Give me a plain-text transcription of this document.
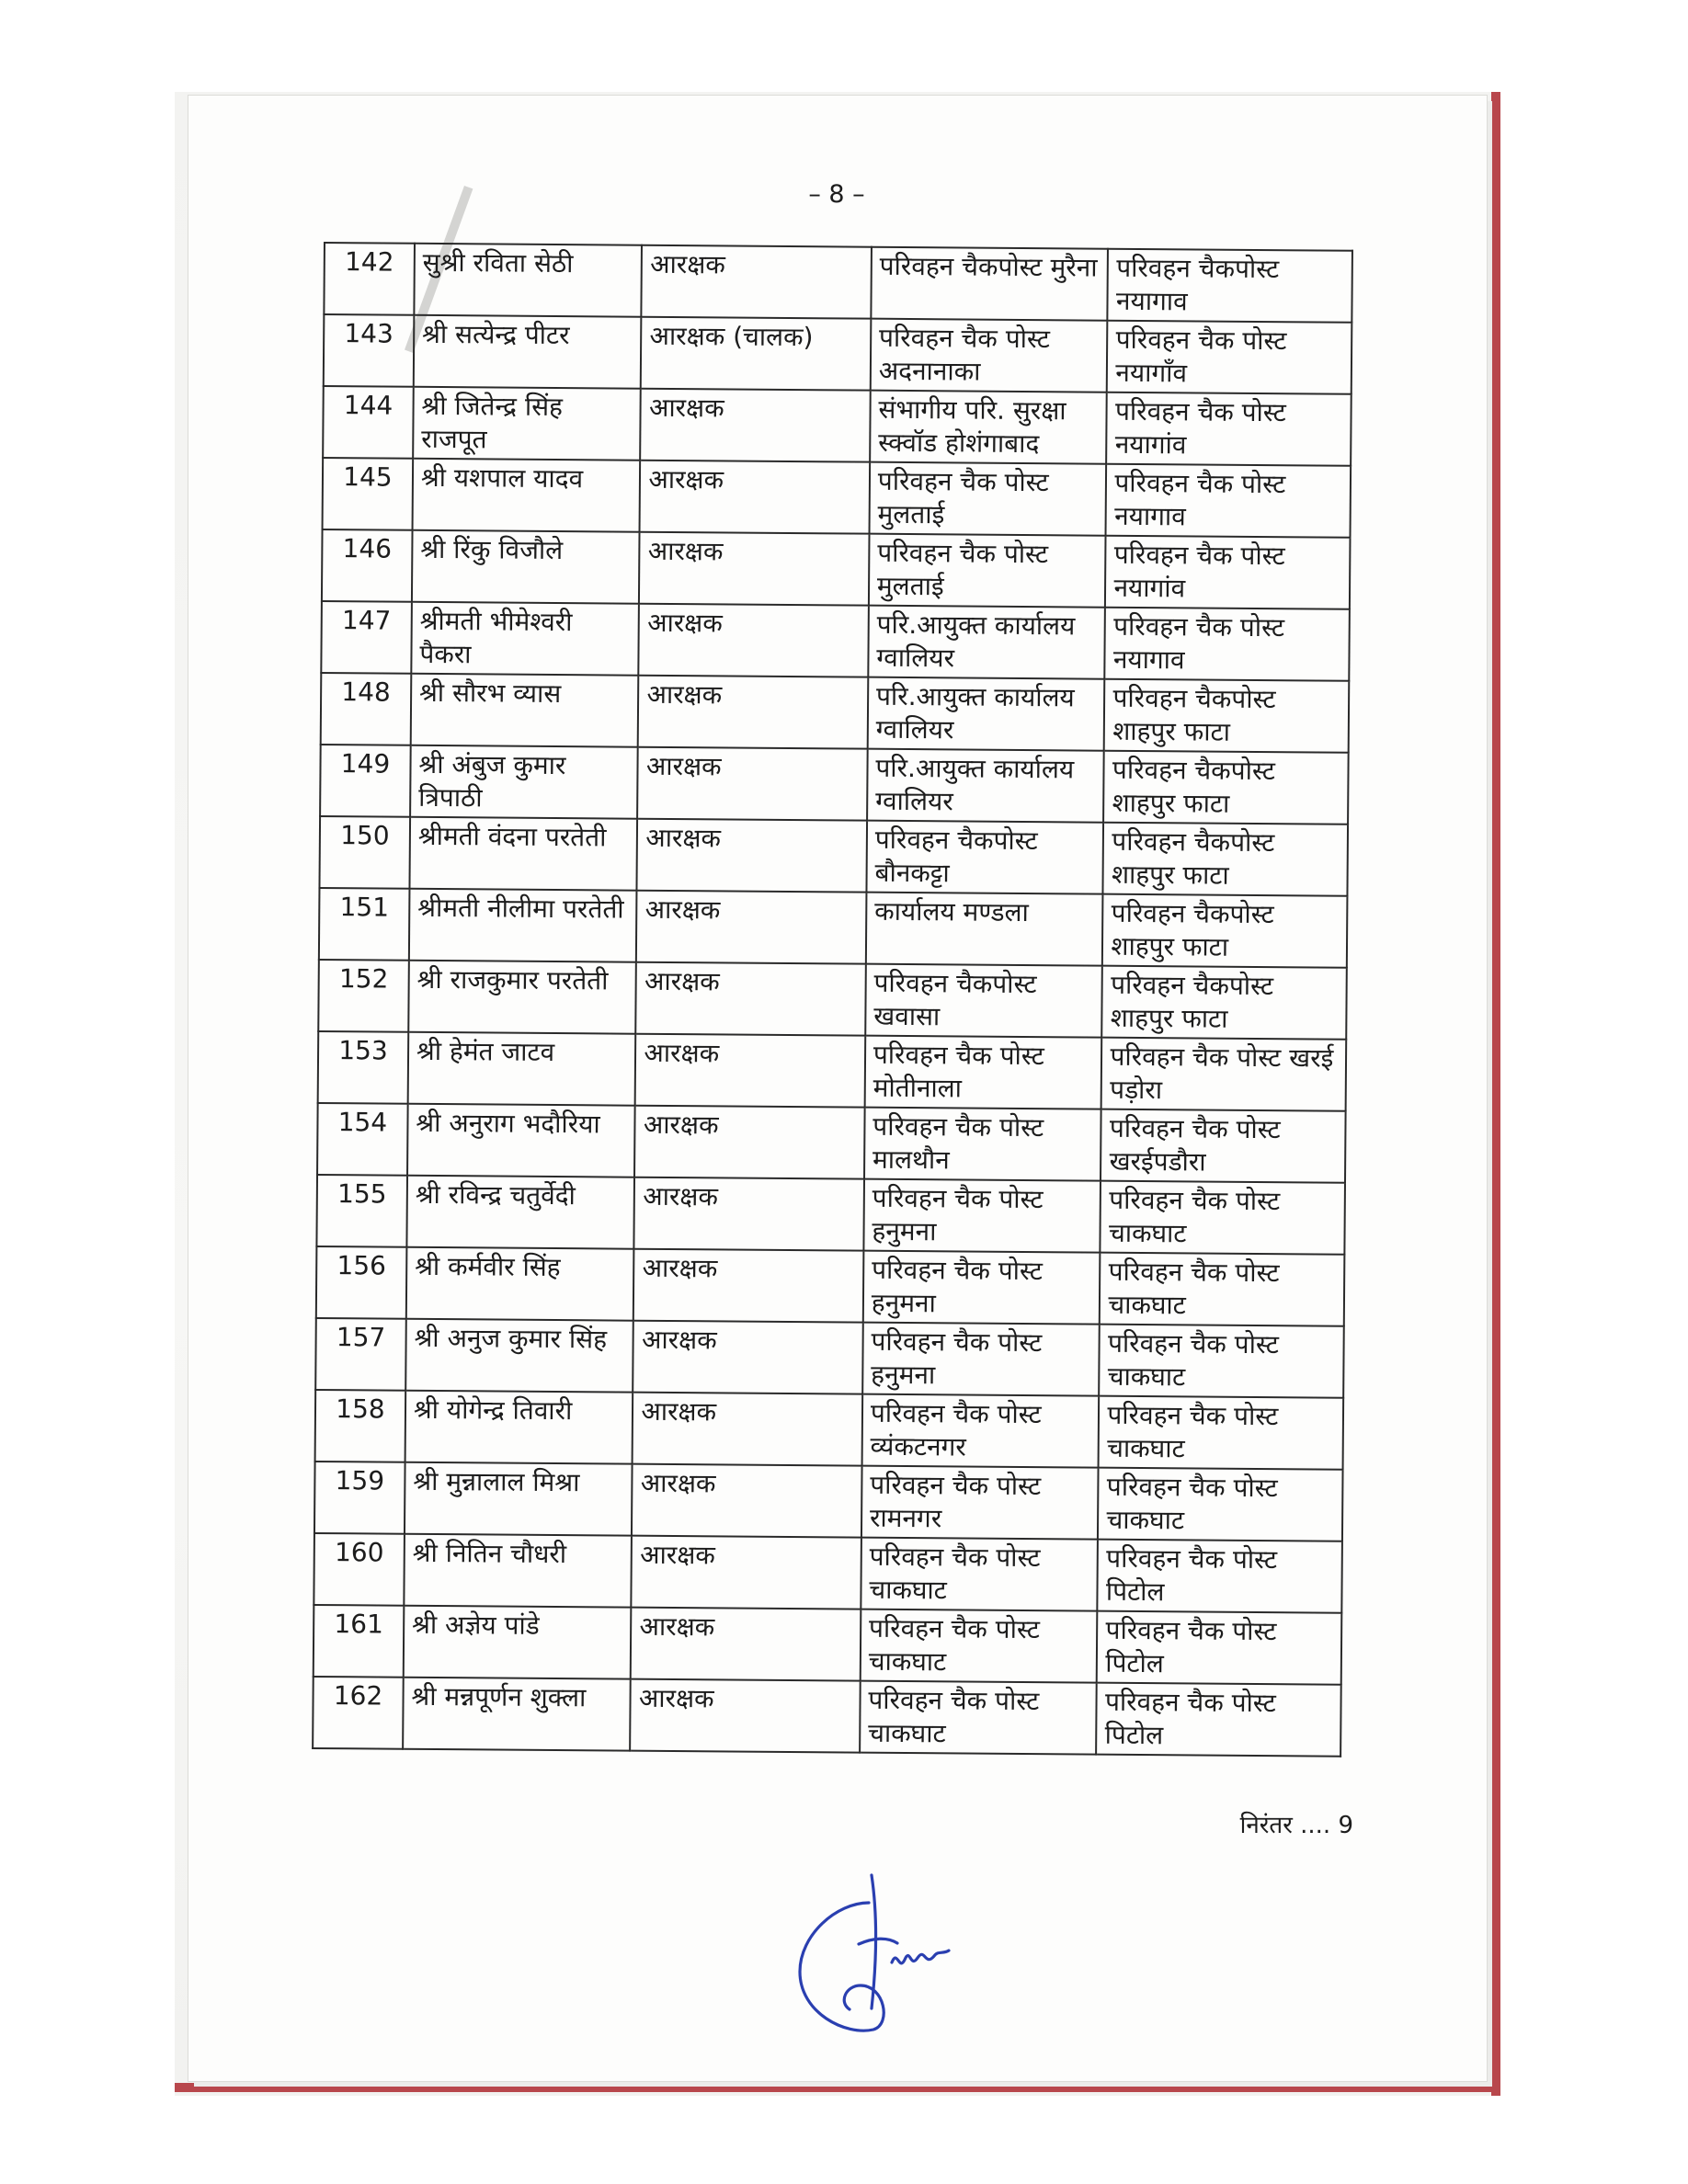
– 8 –
142	सुश्री रविता सेठी	आरक्षक	परिवहन चैकपोस्ट मुरैना	परिवहन चैकपोस्ट नयागाव
143	श्री सत्येन्द्र पीटर	आरक्षक (चालक)	परिवहन चैक पोस्ट अदनानाका	परिवहन चैक पोस्ट नयागाँव
144	श्री जितेन्द्र सिंह राजपूत	आरक्षक	संभागीय परि. सुरक्षा स्क्वॉड होशंगाबाद	परिवहन चैक पोस्ट नयागांव
145	श्री यशपाल यादव	आरक्षक	परिवहन चैक पोस्ट मुलताई	परिवहन चैक पोस्ट नयागाव
146	श्री रिंकु विजौले	आरक्षक	परिवहन चैक पोस्ट मुलताई	परिवहन चैक पोस्ट नयागांव
147	श्रीमती भीमेश्वरी पैकरा	आरक्षक	परि.आयुक्त कार्यालय ग्वालियर	परिवहन चैक पोस्ट नयागाव
148	श्री सौरभ व्यास	आरक्षक	परि.आयुक्त कार्यालय ग्वालियर	परिवहन चैकपोस्ट शाहपुर फाटा
149	श्री अंबुज कुमार त्रिपाठी	आरक्षक	परि.आयुक्त कार्यालय ग्वालियर	परिवहन चैकपोस्ट शाहपुर फाटा
150	श्रीमती वंदना परतेती	आरक्षक	परिवहन चैकपोस्ट बौनकट्टा	परिवहन चैकपोस्ट शाहपुर फाटा
151	श्रीमती नीलीमा परतेती	आरक्षक	कार्यालय मण्डला	परिवहन चैकपोस्ट शाहपुर फाटा
152	श्री राजकुमार परतेती	आरक्षक	परिवहन चैकपोस्ट खवासा	परिवहन चैकपोस्ट शाहपुर फाटा
153	श्री हेमंत जाटव	आरक्षक	परिवहन चैक पोस्ट मोतीनाला	परिवहन चैक पोस्ट खरई पड़ोरा
154	श्री अनुराग भदौरिया	आरक्षक	परिवहन चैक पोस्ट मालथौन	परिवहन चैक पोस्ट खरईपडौरा
155	श्री रविन्द्र चतुर्वेदी	आरक्षक	परिवहन चैक पोस्ट हनुमना	परिवहन चैक पोस्ट चाकघाट
156	श्री कर्मवीर सिंह	आरक्षक	परिवहन चैक पोस्ट हनुमना	परिवहन चैक पोस्ट चाकघाट
157	श्री अनुज कुमार सिंह	आरक्षक	परिवहन चैक पोस्ट हनुमना	परिवहन चैक पोस्ट चाकघाट
158	श्री योगेन्द्र तिवारी	आरक्षक	परिवहन चैक पोस्ट व्यंकटनगर	परिवहन चैक पोस्ट चाकघाट
159	श्री मुन्नालाल मिश्रा	आरक्षक	परिवहन चैक पोस्ट रामनगर	परिवहन चैक पोस्ट चाकघाट
160	श्री नितिन चौधरी	आरक्षक	परिवहन चैक पोस्ट चाकघाट	परिवहन चैक पोस्ट पिटोल
161	श्री अज्ञेय पांडे	आरक्षक	परिवहन चैक पोस्ट चाकघाट	परिवहन चैक पोस्ट पिटोल
162	श्री मन्नपूर्णन शुक्ला	आरक्षक	परिवहन चैक पोस्ट चाकघाट	परिवहन चैक पोस्ट पिटोल
निरंतर .... 9
